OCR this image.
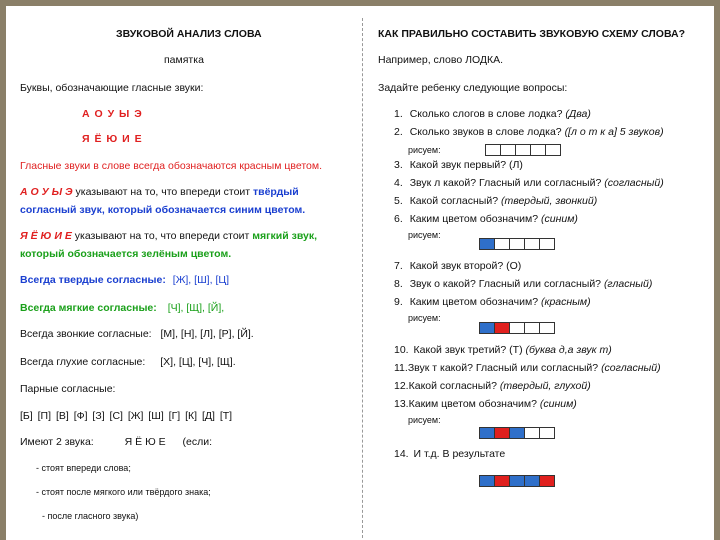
ЗВУКОВОЙ АНАЛИЗ СЛОВА
памятка
Буквы, обозначающие гласные звуки:
А О У Ы Э
Я Ё Ю И Е
Гласные звуки в слове всегда обозначаются красным цветом.
А О У Ы Э указывают на то, что впереди стоит твёрдый
согласный звук, который обозначается синим цветом.
Я Ё Ю И Е указывают на то, что впереди стоит мягкий звук,
который обозначается зелёным цветом.
Всегда твердые согласные: [Ж], [Ш], [Ц]
Всегда мягкие согласные: [Ч], [Щ], [Й],
Всегда звонкие согласные: [М], [Н], [Л], [Р], [Й].
Всегда глухие согласные: [Х], [Ц], [Ч], [Щ].
Парные согласные:
[Б] [П] [В] [Ф] [З] [С] [Ж] [Ш] [Г] [К] [Д] [Т]
Имеют 2 звука:	Я Ё Ю Е (если:
- стоят впереди слова;
- стоят после мягкого или твёрдого знака;
- после гласного звука)
КАК ПРАВИЛЬНО СОСТАВИТЬ ЗВУКОВУЮ СХЕМУ СЛОВА?
Например, слово ЛОДКА.
Задайте ребенку следующие вопросы:
1. Сколько слогов в слове лодка? (Два)
2. Сколько звуков в слове лодка? ([л о т к а] 5 звуков)
рисуем:
3. Какой звук первый? (Л)
4. Звук л какой? Гласный или согласный? (согласный)
5. Какой согласный? (твердый, звонкий)
6. Каким цветом обозначим? (синим)
рисуем:
7. Какой звук второй? (О)
8. Звук о какой? Гласный или согласный? (гласный)
9. Каким цветом обозначим? (красным)
рисуем:
10. Какой звук третий? (Т) (буква д,а звук т)
11.Звук т какой? Гласный или согласный? (согласный)
12.Какой согласный? (твердый, глухой)
13.Каким цветом обозначим? (синим)
рисуем:
14. И т.д. В результате
